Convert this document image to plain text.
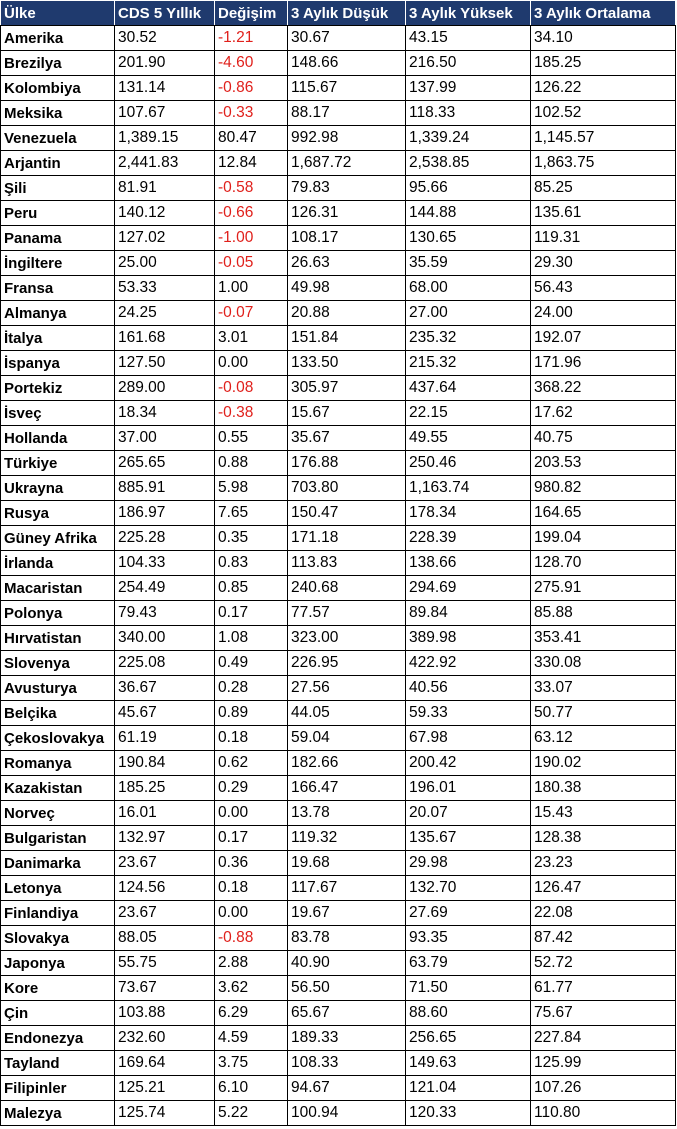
Ülke	CDS 5 Yıllık	Değişim	3 Aylık Düşük	3 Aylık Yüksek	3 Aylık Ortalama
Amerika	30.52	-1.21	30.67	43.15	34.10
Brezilya	201.90	-4.60	148.66	216.50	185.25
Kolombiya	131.14	-0.86	115.67	137.99	126.22
Meksika	107.67	-0.33	88.17	118.33	102.52
Venezuela	1,389.15	80.47	992.98	1,339.24	1,145.57
Arjantin	2,441.83	12.84	1,687.72	2,538.85	1,863.75
Şili	81.91	-0.58	79.83	95.66	85.25
Peru	140.12	-0.66	126.31	144.88	135.61
Panama	127.02	-1.00	108.17	130.65	119.31
İngiltere	25.00	-0.05	26.63	35.59	29.30
Fransa	53.33	1.00	49.98	68.00	56.43
Almanya	24.25	-0.07	20.88	27.00	24.00
İtalya	161.68	3.01	151.84	235.32	192.07
İspanya	127.50	0.00	133.50	215.32	171.96
Portekiz	289.00	-0.08	305.97	437.64	368.22
İsveç	18.34	-0.38	15.67	22.15	17.62
Hollanda	37.00	0.55	35.67	49.55	40.75
Türkiye	265.65	0.88	176.88	250.46	203.53
Ukrayna	885.91	5.98	703.80	1,163.74	980.82
Rusya	186.97	7.65	150.47	178.34	164.65
Güney Afrika	225.28	0.35	171.18	228.39	199.04
İrlanda	104.33	0.83	113.83	138.66	128.70
Macaristan	254.49	0.85	240.68	294.69	275.91
Polonya	79.43	0.17	77.57	89.84	85.88
Hırvatistan	340.00	1.08	323.00	389.98	353.41
Slovenya	225.08	0.49	226.95	422.92	330.08
Avusturya	36.67	0.28	27.56	40.56	33.07
Belçika	45.67	0.89	44.05	59.33	50.77
Çekoslovakya	61.19	0.18	59.04	67.98	63.12
Romanya	190.84	0.62	182.66	200.42	190.02
Kazakistan	185.25	0.29	166.47	196.01	180.38
Norveç	16.01	0.00	13.78	20.07	15.43
Bulgaristan	132.97	0.17	119.32	135.67	128.38
Danimarka	23.67	0.36	19.68	29.98	23.23
Letonya	124.56	0.18	117.67	132.70	126.47
Finlandiya	23.67	0.00	19.67	27.69	22.08
Slovakya	88.05	-0.88	83.78	93.35	87.42
Japonya	55.75	2.88	40.90	63.79	52.72
Kore	73.67	3.62	56.50	71.50	61.77
Çin	103.88	6.29	65.67	88.60	75.67
Endonezya	232.60	4.59	189.33	256.65	227.84
Tayland	169.64	3.75	108.33	149.63	125.99
Filipinler	125.21	6.10	94.67	121.04	107.26
Malezya	125.74	5.22	100.94	120.33	110.80
